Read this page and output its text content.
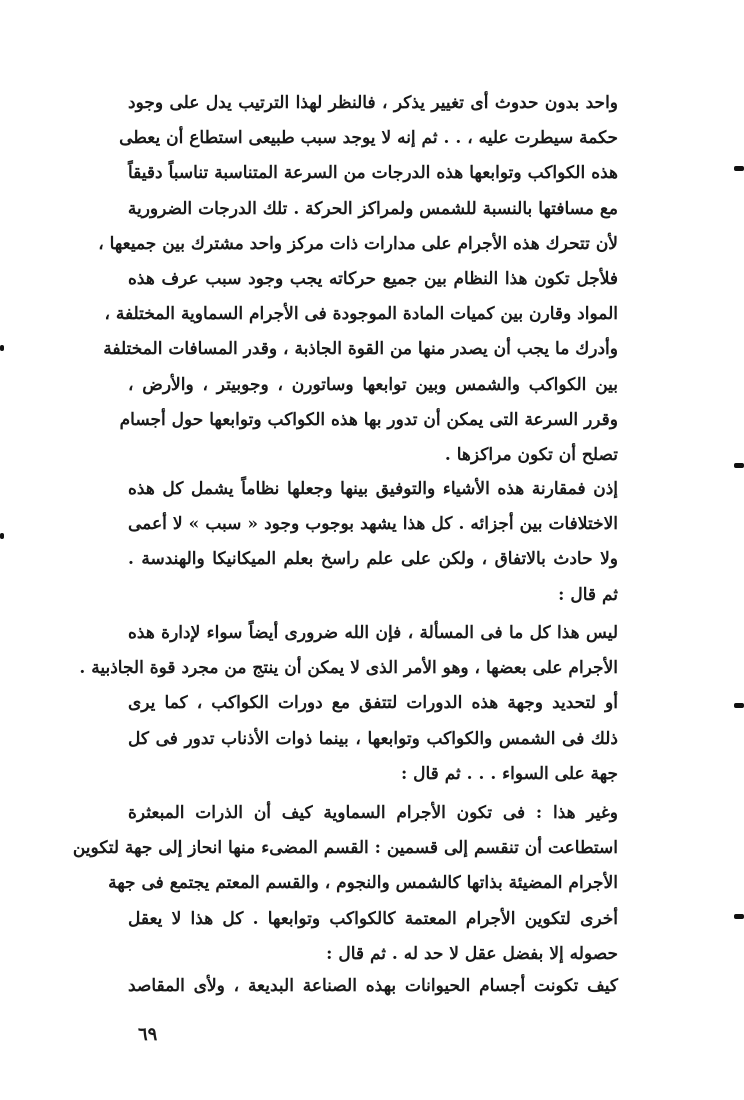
واحد بدون حدوث أى تغيير يذكر ، فالنظر لهذا الترتيب يدل على وجود
حكمة سيطرت عليه ، . . ثم إنه لا يوجد سبب طبيعى استطاع أن يعطى
هذه الكواكب وتوابعها هذه الدرجات من السرعة المتناسبة تناسباً دقيقاً
مع مسافتها بالنسبة للشمس ولمراكز الحركة . تلك الدرجات الضرورية
لأن تتحرك هذه الأجرام على مدارات ذات مركز واحد مشترك بين جميعها ،
فلأجل تكون هذا النظام بين جميع حركاته يجب وجود سبب عرف هذه
المواد وقارن بين كميات المادة الموجودة فى الأجرام السماوية المختلفة ،
وأدرك ما يجب أن يصدر منها من القوة الجاذبة ، وقدر المسافات المختلفة
بين الكواكب والشمس وبين توابعها وساتورن ، وجوبيتر ، والأرض ،
وقرر السرعة التى يمكن أن تدور بها هذه الكواكب وتوابعها حول أجسام
تصلح أن تكون مراكزها .
إذن فمقارنة هذه الأشياء والتوفيق بينها وجعلها نظاماً يشمل كل هذه
الاختلافات بين أجزائه . كل هذا يشهد بوجوب وجود « سبب » لا أعمى
ولا حادث بالاتفاق ، ولكن على علم راسخ بعلم الميكانيكا والهندسة .
ثم قال :
ليس هذا كل ما فى المسألة ، فإن الله ضرورى أيضاً سواء لإدارة هذه
الأجرام على بعضها ، وهو الأمر الذى لا يمكن أن ينتج من مجرد قوة الجاذبية .
أو لتحديد وجهة هذه الدورات لتتفق مع دورات الكواكب ، كما يرى
ذلك فى الشمس والكواكب وتوابعها ، بينما ذوات الأذناب تدور فى كل
جهة على السواء . . . ثم قال :
وغير هذا : فى تكون الأجرام السماوية كيف أن الذرات المبعثرة
استطاعت أن تنقسم إلى قسمين : القسم المضىء منها انحاز إلى جهة لتكوين
الأجرام المضيئة بذاتها كالشمس والنجوم ، والقسم المعتم يجتمع فى جهة
أخرى لتكوين الأجرام المعتمة كالكواكب وتوابعها . كل هذا لا يعقل
حصوله إلا بفضل عقل لا حد له . ثم قال :
كيف تكونت أجسام الحيوانات بهذه الصناعة البديعة ، ولأى المقاصد
٦٩
